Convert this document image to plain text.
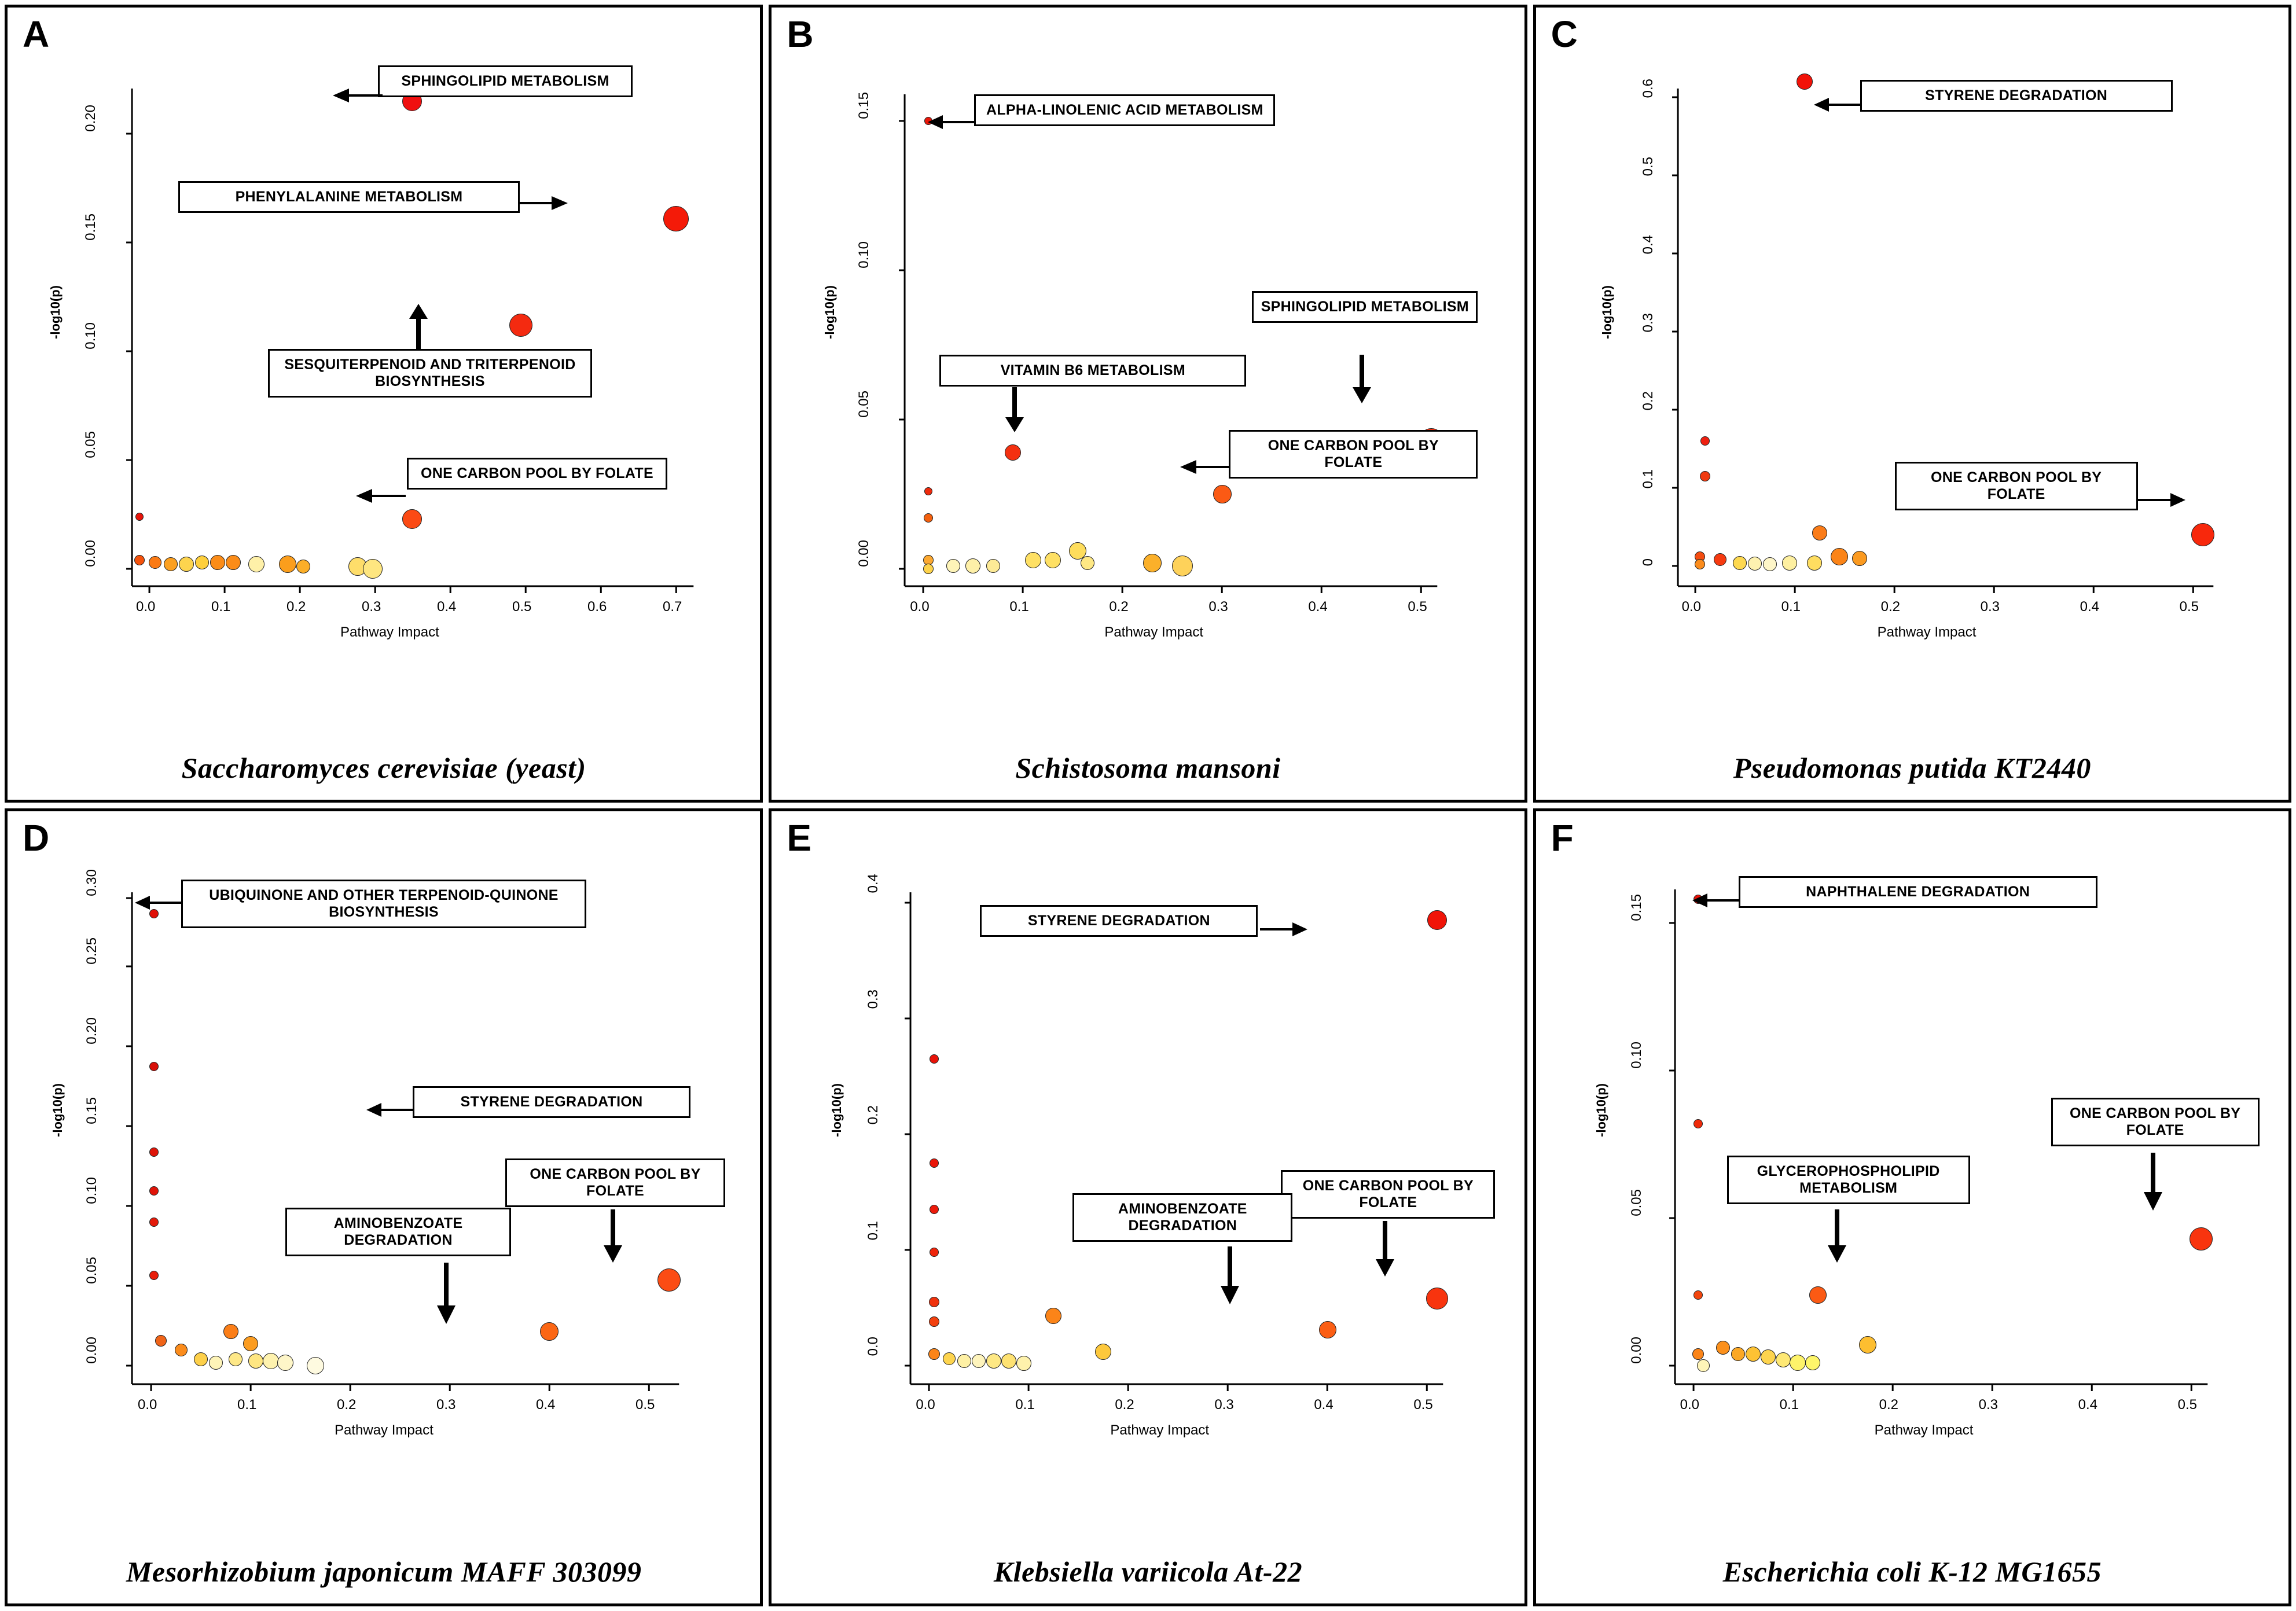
A
-log10(p)
0.00
0.05
0.10
0.15
0.20
0.0	0.1	0.2	0.3	0.4	0.5	0.6	0.7
Pathway Impact
SPHINGOLIPID METABOLISM
PHENYLALANINE METABOLISM
SESQUITERPENOID AND TRITERPENOID BIOSYNTHESIS
ONE CARBON POOL BY FOLATE
Saccharomyces cerevisiae (yeast)
B
-log10(p)
0.00
0.05
0.10
0.15
0.0	0.1	0.2	0.3	0.4	0.5
Pathway Impact
ALPHA-LINOLENIC ACID METABOLISM
VITAMIN B6 METABOLISM
SPHINGOLIPID METABOLISM
ONE CARBON POOL BY FOLATE
Schistosoma mansoni
C
-log10(p)
0
0.1
0.2
0.3
0.4
0.5
0.6
0.0	0.1	0.2	0.3	0.4	0.5
Pathway Impact
STYRENE DEGRADATION
ONE CARBON POOL BY FOLATE
Pseudomonas putida KT2440
D
-log10(p)
0.00
0.05
0.10
0.15
0.20
0.25
0.30
0.0	0.1	0.2	0.3	0.4	0.5
Pathway Impact
UBIQUINONE AND OTHER TERPENOID-QUINONE BIOSYNTHESIS
STYRENE DEGRADATION
ONE CARBON POOL BY FOLATE
AMINOBENZOATE DEGRADATION
Mesorhizobium japonicum MAFF 303099
E
-log10(p)
0.0
0.1
0.2
0.3
0.4
0.0	0.1	0.2	0.3	0.4	0.5
Pathway Impact
STYRENE DEGRADATION
ONE CARBON POOL BY FOLATE
AMINOBENZOATE DEGRADATION
Klebsiella variicola At-22
F
-log10(p)
0.00
0.05
0.10
0.15
0.0	0.1	0.2	0.3	0.4	0.5
Pathway Impact
NAPHTHALENE DEGRADATION
ONE CARBON POOL BY FOLATE
GLYCEROPHOSPHOLIPID METABOLISM
Escherichia coli K-12 MG1655
